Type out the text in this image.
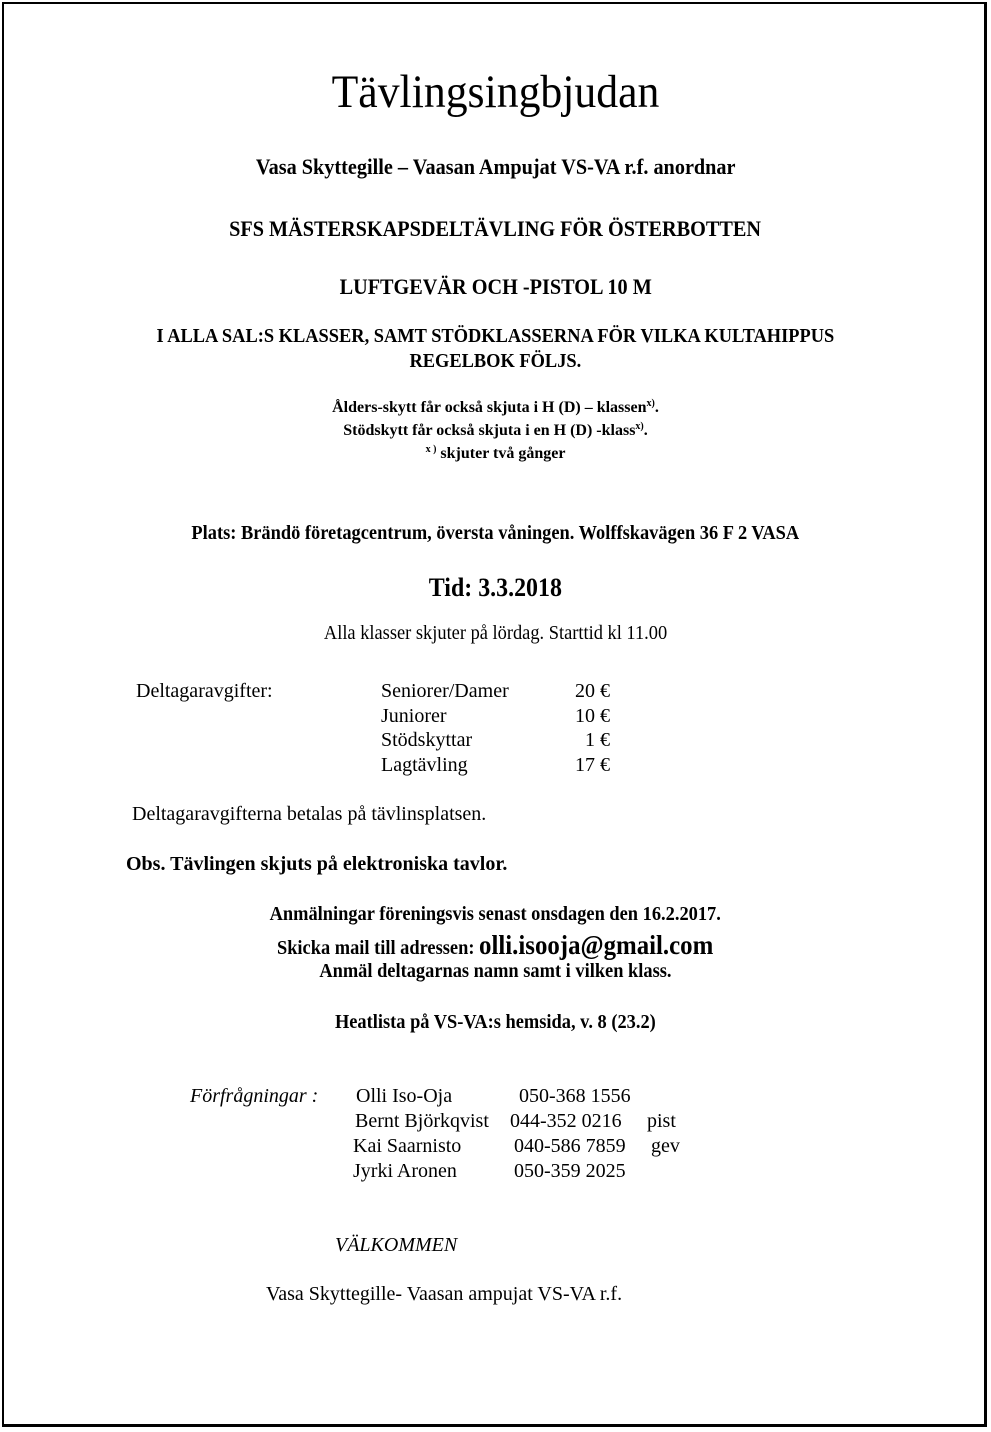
Tävlingsingbjudan
Vasa Skyttegille – Vaasan Ampujat VS-VA r.f. anordnar
SFS MÄSTERSKAPSDELTÄVLING FÖR ÖSTERBOTTEN
LUFTGEVÄR OCH -PISTOL 10 M
I ALLA SAL:S KLASSER, SAMT STÖDKLASSERNA FÖR VILKA KULTAHIPPUS
REGELBOK FÖLJS.
Ålders-skytt får också skjuta i H (D) – klassen$^{x)}$.
Stödskytt får också skjuta i en H (D) -klass$^{x)}$.
$^{x )}$ skjuter två gånger
Plats: Brändö företagcentrum, översta våningen. Wolffskavägen 36 F 2 VASA
Tid: 3.3.2018
Alla klasser skjuter på lördag. Starttid kl 11.00
Deltagaravgifter:	Seniorer/Damer	20 €
Juniorer	10 €
Stödskyttar	1 €
Lagtävling	17 €
Deltagaravgifterna betalas på tävlinsplatsen.
Obs. Tävlingen skjuts på elektroniska tavlor.
Anmälningar föreningsvis senast onsdagen den 16.2.2017.
Skicka mail till adressen: olli.isooja@gmail.com
Anmäl deltagarnas namn samt i vilken klass.
Heatlista på VS-VA:s hemsida, v. 8 (23.2)
Förfrågningar : Olli Iso-Oja	050-368 1556
Bernt Björkqvist 044-352 0216 pist
Kai Saarnisto	040-586 7859 gev
Jyrki Aronen	050-359 2025
VÄLKOMMEN
Vasa Skyttegille- Vaasan ampujat VS-VA r.f.
